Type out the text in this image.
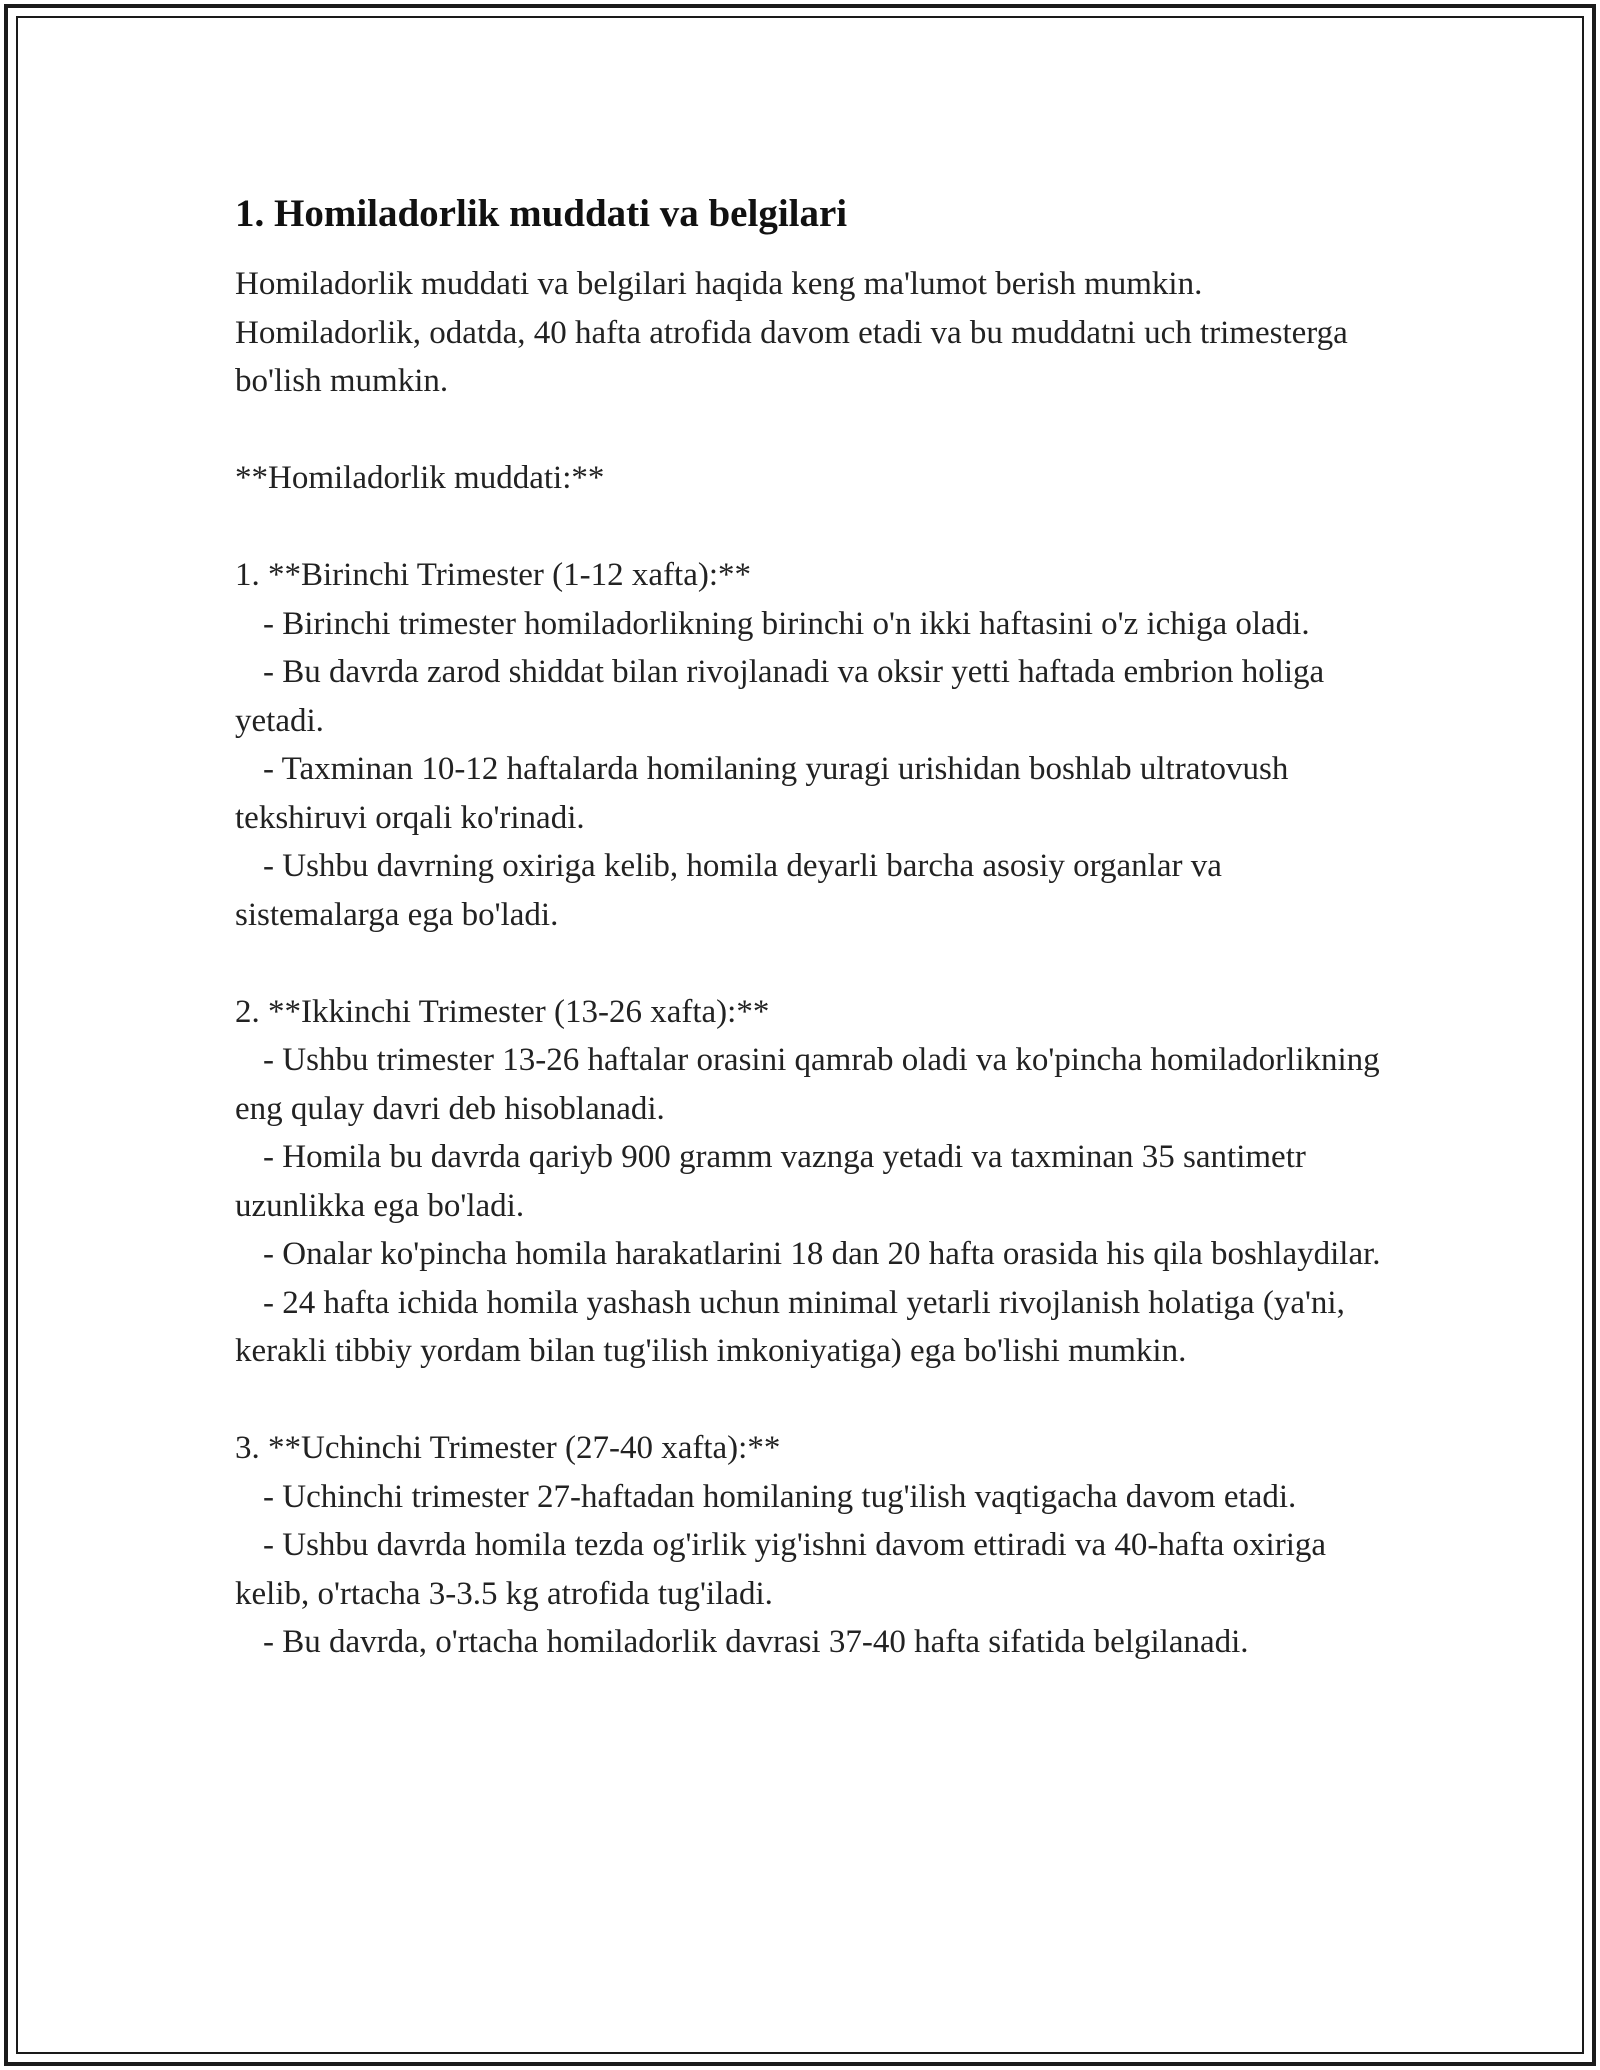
1. Homiladorlik muddati va belgilari

Homiladorlik muddati va belgilari haqida keng ma'lumot berish mumkin. Homiladorlik, odatda, 40 hafta atrofida davom etadi va bu muddatni uch trimesterga bo'lish mumkin.

**Homiladorlik muddati:**

1. **Birinchi Trimester (1-12 xafta):**

- Birinchi trimester homiladorlikning birinchi o'n ikki haftasini o'z ichiga oladi.

- Bu davrda zarod shiddat bilan rivojlanadi va oksir yetti haftada embrion holiga yetadi.

- Taxminan 10-12 haftalarda homilaning yuragi urishidan boshlab ultratovush tekshiruvi orqali ko'rinadi.

- Ushbu davrning oxiriga kelib, homila deyarli barcha asosiy organlar va sistemalarga ega bo'ladi.

2. **Ikkinchi Trimester (13-26 xafta):**

- Ushbu trimester 13-26 haftalar orasini qamrab oladi va ko'pincha homiladorlikning eng qulay davri deb hisoblanadi.

- Homila bu davrda qariyb 900 gramm vaznga yetadi va taxminan 35 santimetr uzunlikka ega bo'ladi.

- Onalar ko'pincha homila harakatlarini 18 dan 20 hafta orasida his qila boshlaydilar.

- 24 hafta ichida homila yashash uchun minimal yetarli rivojlanish holatiga (ya'ni, kerakli tibbiy yordam bilan tug'ilish imkoniyatiga) ega bo'lishi mumkin.

3. **Uchinchi Trimester (27-40 xafta):**

- Uchinchi trimester 27-haftadan homilaning tug'ilish vaqtigacha davom etadi.

- Ushbu davrda homila tezda og'irlik yig'ishni davom ettiradi va 40-hafta oxiriga kelib, o'rtacha 3-3.5 kg atrofida tug'iladi.

- Bu davrda, o'rtacha homiladorlik davrasi 37-40 hafta sifatida belgilanadi.
